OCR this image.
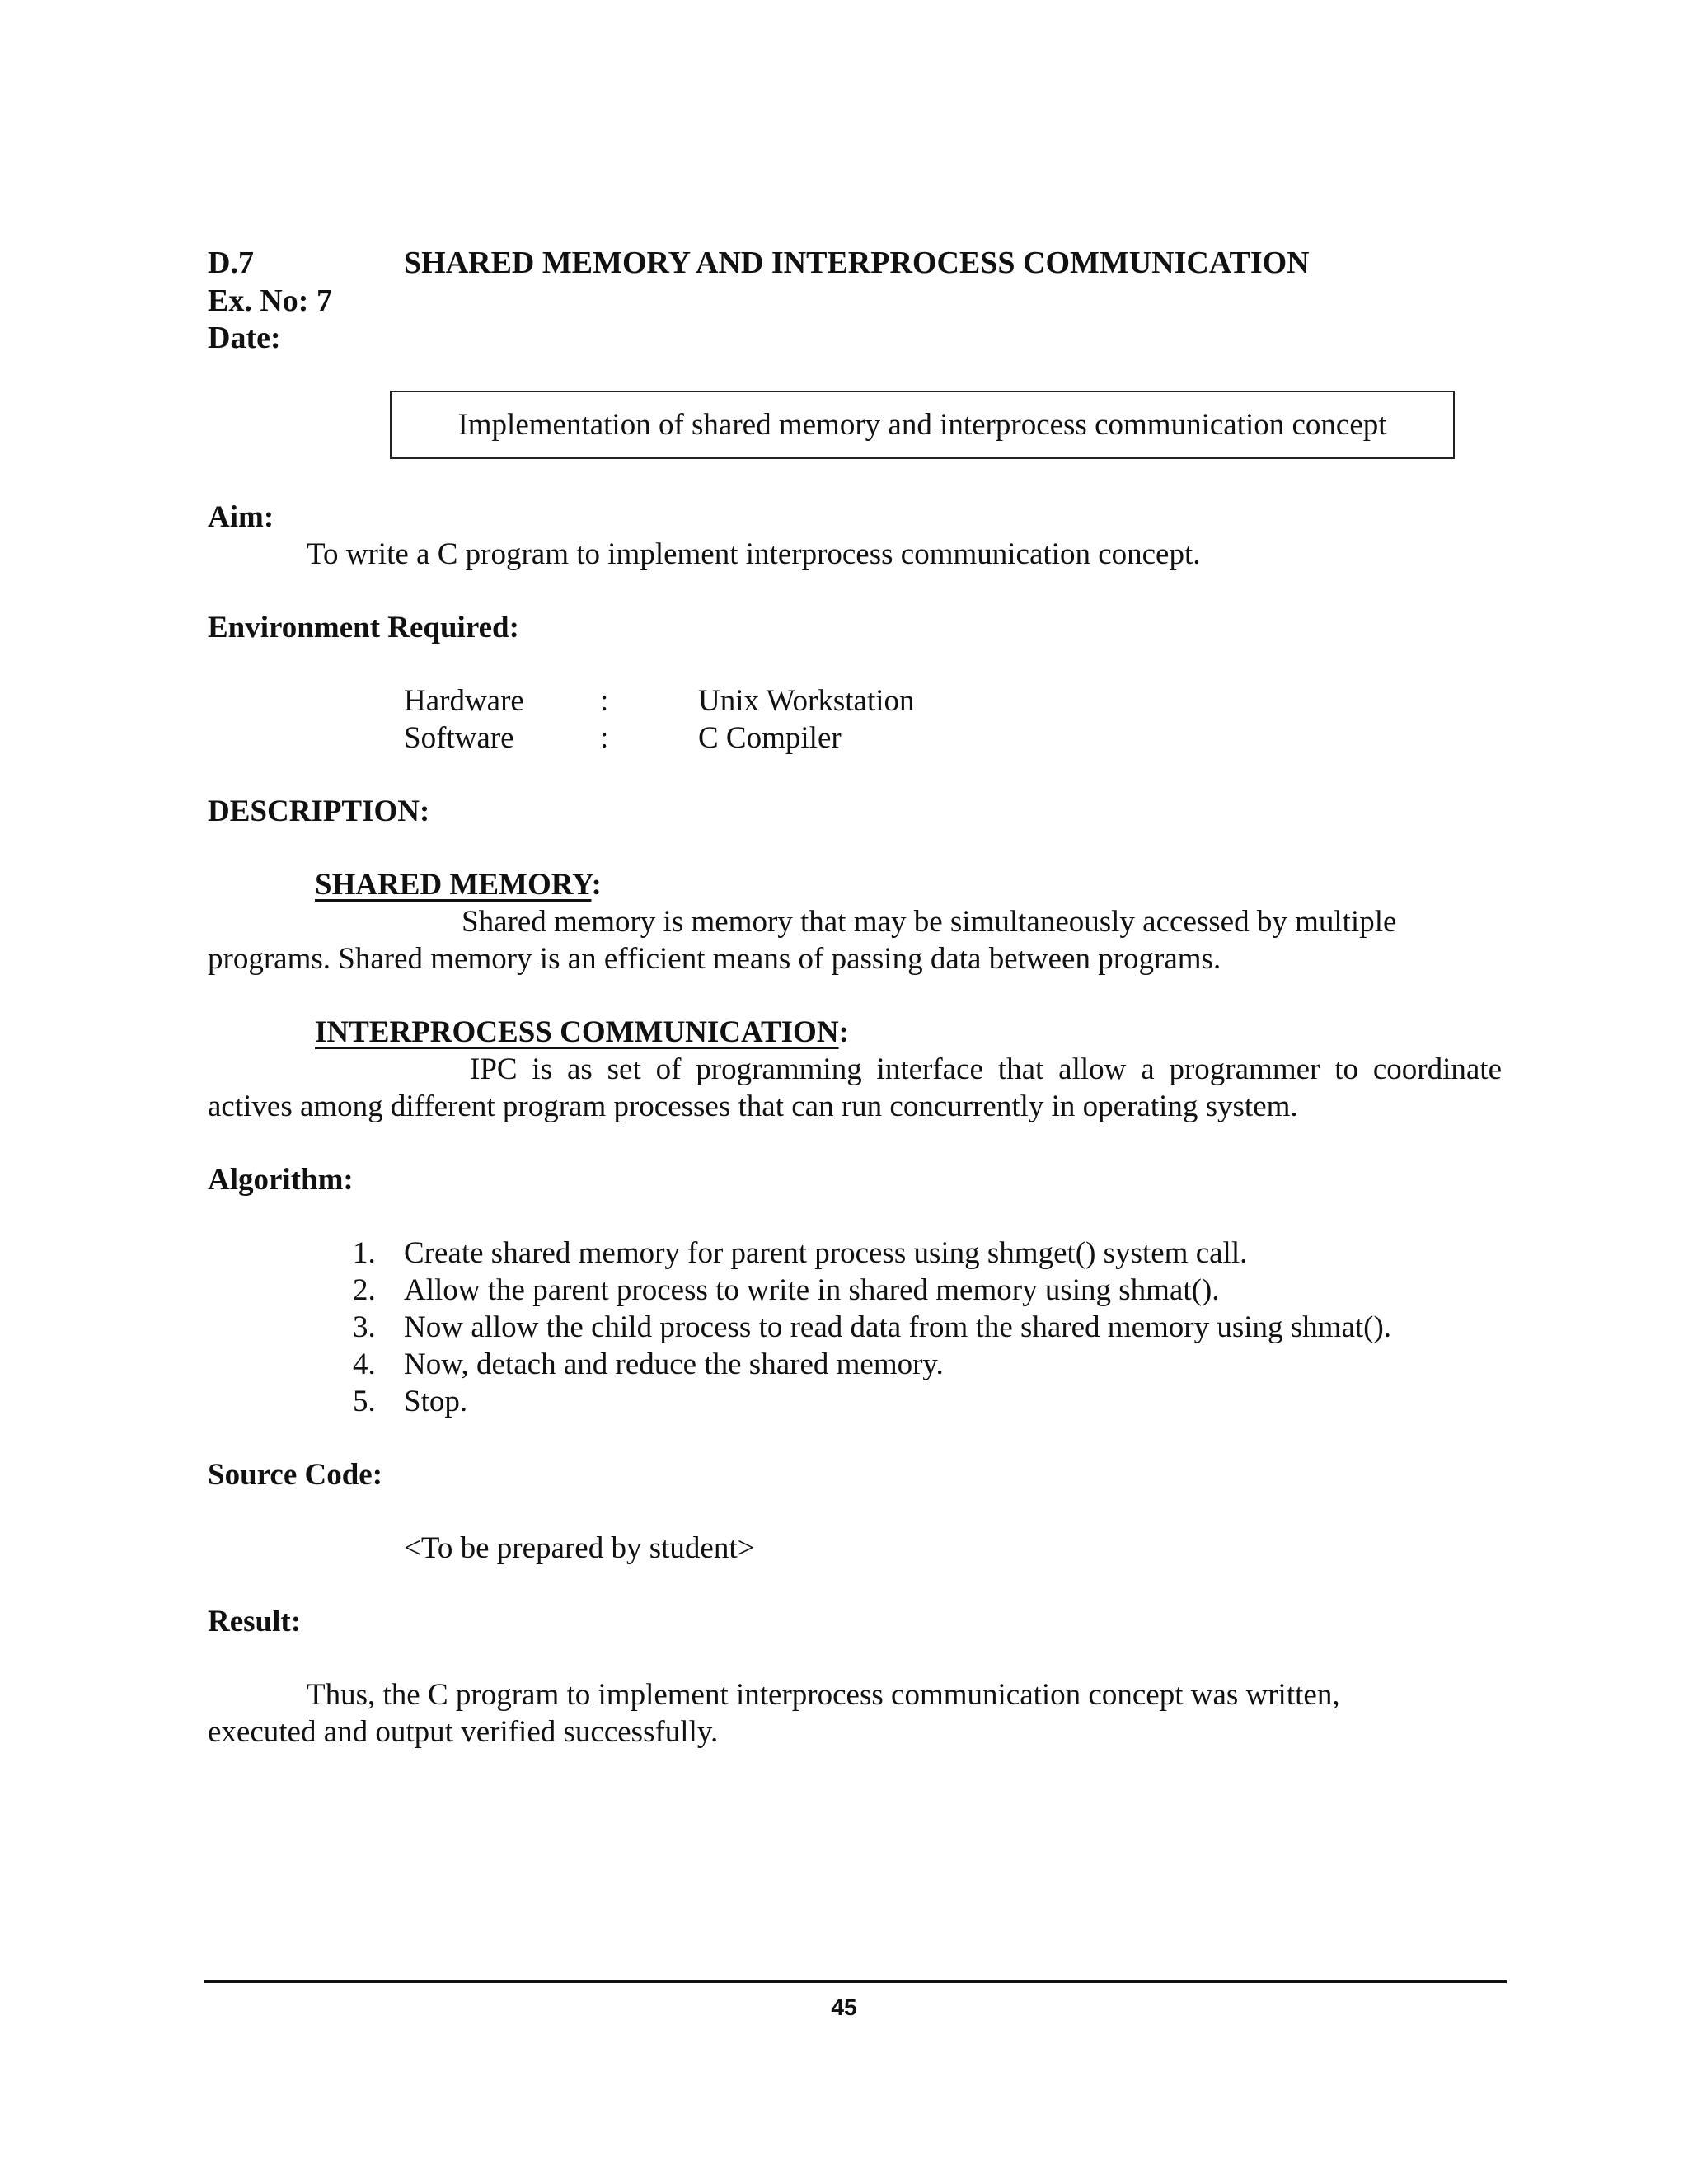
D.7	SHARED MEMORY AND INTERPROCESS COMMUNICATION
Ex. No: 7
Date:
Implementation of shared memory and interprocess communication concept
Aim:
To write a C program to implement interprocess communication concept.
Environment Required:
Hardware :	Unix Workstation
Software	:	C Compiler
DESCRIPTION:
SHARED MEMORY:
Shared memory is memory that may be simultaneously accessed by multiple
programs. Shared memory is an efficient means of passing data between programs.
INTERPROCESS COMMUNICATION:
IPC is as set of programming interface that allow a programmer to coordinate
actives among different program processes that can run concurrently in operating system.
Algorithm:
1. Create shared memory for parent process using shmget() system call.
2. Allow the parent process to write in shared memory using shmat().
3. Now allow the child process to read data from the shared memory using shmat().
4. Now, detach and reduce the shared memory.
5. Stop.
Source Code:
<To be prepared by student>
Result:
Thus, the C program to implement interprocess communication concept was written,
executed and output verified successfully.
45
